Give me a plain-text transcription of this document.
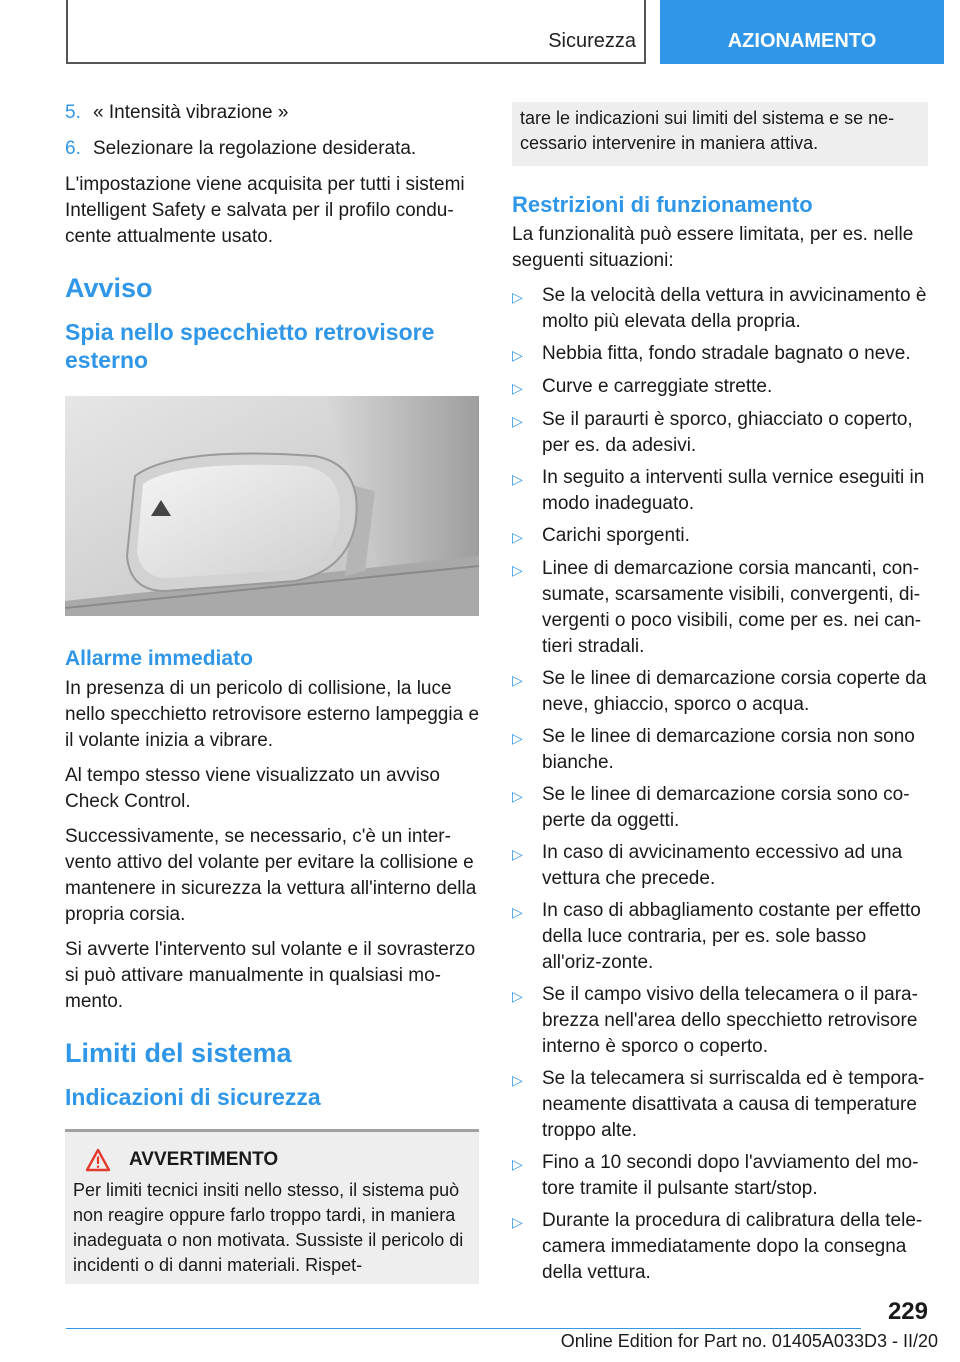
Sicurezza	AZIONAMENTO
5. « Intensità vibrazione »
6. Selezionare la regolazione desiderata.

L'impostazione viene acquisita per tutti i sistemi Intelligent Safety e salvata per il profilo condu-cente attualmente usato.

Avviso
Spia nello specchietto retrovisore esterno
Allarme immediato

In presenza di un pericolo di collisione, la luce nello specchietto retrovisore esterno lampeggia e il volante inizia a vibrare.

Al tempo stesso viene visualizzato un avviso Check Control.

Successivamente, se necessario, c'è un inter-vento attivo del volante per evitare la collisione e mantenere in sicurezza la vettura all'interno della propria corsia.

Si avverte l'intervento sul volante e il sovrasterzo si può attivare manualmente in qualsiasi mo-mento.

Limiti del sistema
Indicazioni di sicurezza
AVVERTIMENTO

Per limiti tecnici insiti nello stesso, il sistema può non reagire oppure farlo troppo tardi, in maniera inadeguata o non motivata. Sussiste il pericolo di incidenti o di danni materiali. Rispet-

tare le indicazioni sui limiti del sistema e se ne-cessario intervenire in maniera attiva.

Restrizioni di funzionamento

La funzionalità può essere limitata, per es. nelle seguenti situazioni:

▷	Se la velocità della vettura in avvicinamento è molto più elevata della propria.
▷	Nebbia fitta, fondo stradale bagnato o neve.
▷	Curve e carreggiate strette.
▷	Se il paraurti è sporco, ghiacciato o coperto, per es. da adesivi.
▷	In seguito a interventi sulla vernice eseguiti in modo inadeguato.
▷	Carichi sporgenti.
▷	Linee di demarcazione corsia mancanti, con-sumate, scarsamente visibili, convergenti, di-vergenti o poco visibili, come per es. nei can-tieri stradali.
▷	Se le linee di demarcazione corsia coperte da neve, ghiaccio, sporco o acqua.
▷	Se le linee di demarcazione corsia non sono bianche.
▷	Se le linee di demarcazione corsia sono co-perte da oggetti.
▷	In caso di avvicinamento eccessivo ad una vettura che precede.
▷	In caso di abbagliamento costante per effetto della luce contraria, per es. sole basso all'oriz-zonte.
▷	Se il campo visivo della telecamera o il para-brezza nell'area dello specchietto retrovisore interno è sporco o coperto.
▷	Se la telecamera si surriscalda ed è tempora-neamente disattivata a causa di temperature troppo alte.
▷	Fino a 10 secondi dopo l'avviamento del mo-tore tramite il pulsante start/stop.
▷	Durante la procedura di calibratura della tele-camera immediatamente dopo la consegna della vettura.
229
Online Edition for Part no. 01405A033D3 - II/20
